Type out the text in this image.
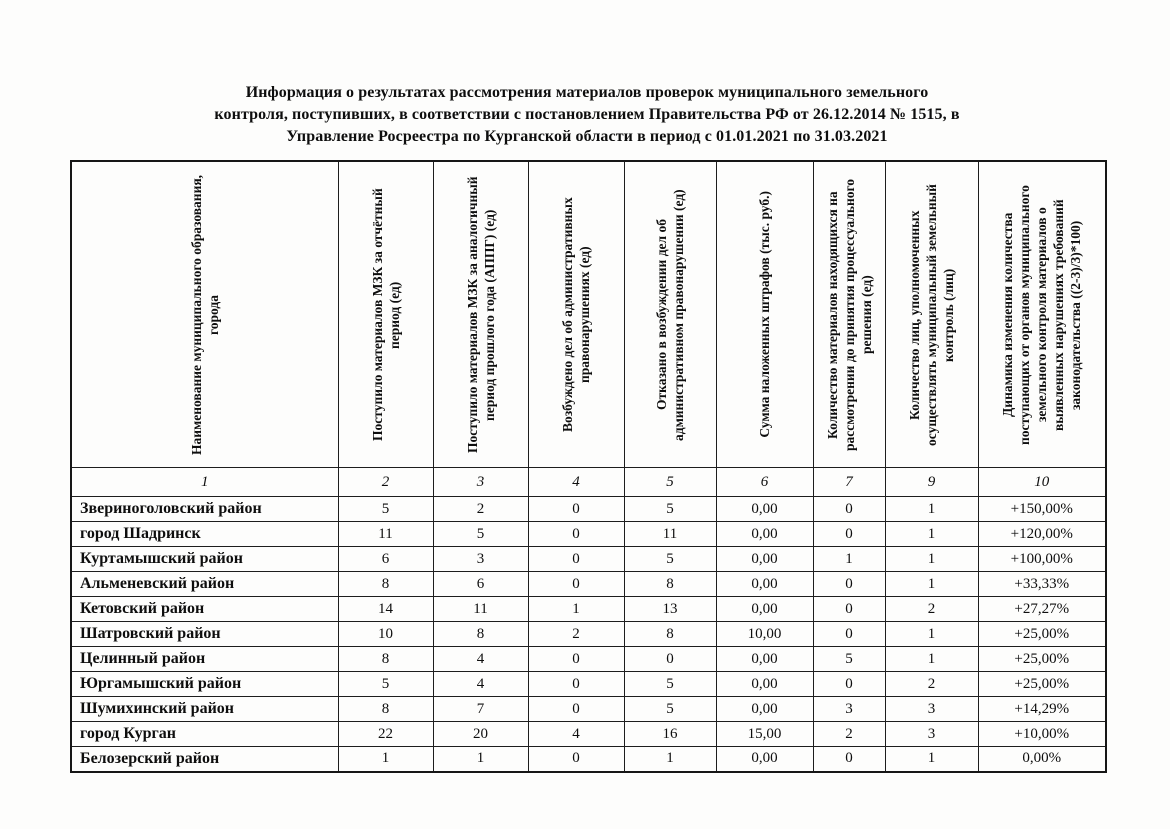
Информация о результатах рассмотрения материалов проверок муниципального земельного
контроля, поступивших, в соответствии с постановлением Правительства РФ от 26.12.2014 № 1515, в
Управление Росреестра по Курганской области в период с 01.01.2021 по 31.03.2021
Наименование муниципального образования, города	Поступило материалов МЗК за отчётный период (ед)	Поступило материалов МЗК за аналогичный период прошлого года (АППГ) (ед)	Возбуждено дел об административных правонарушениях (ед)	Отказано в возбуждении дел об административном правонарушении (ед)	Сумма наложенных штрафов (тыс. руб.)	Количество материалов находящихся на рассмотрении до принятия процессуального решения (ед)	Количество лиц, уполномоченных осуществлять муниципальный земельный контроль (лиц)	Динамика изменения количества поступающих от органов муниципального земельного контроля материалов о выявленных нарушениях требований законодательства ((2-3)/3)*100)

1	2	3	4	5	6	7	9	10
Звериноголовский район	5	2	0	5	0,00	0	1	+150,00%
город Шадринск	11	5	0	11	0,00	0	1	+120,00%
Куртамышский район	6	3	0	5	0,00	1	1	+100,00%
Альменевский район	8	6	0	8	0,00	0	1	+33,33%
Кетовский район	14	11	1	13	0,00	0	2	+27,27%
Шатровский район	10	8	2	8	10,00	0	1	+25,00%
Целинный район	8	4	0	0	0,00	5	1	+25,00%
Юргамышский район	5	4	0	5	0,00	0	2	+25,00%
Шумихинский район	8	7	0	5	0,00	3	3	+14,29%
город Курган	22	20	4	16	15,00	2	3	+10,00%
Белозерский район	1	1	0	1	0,00	0	1	0,00%
